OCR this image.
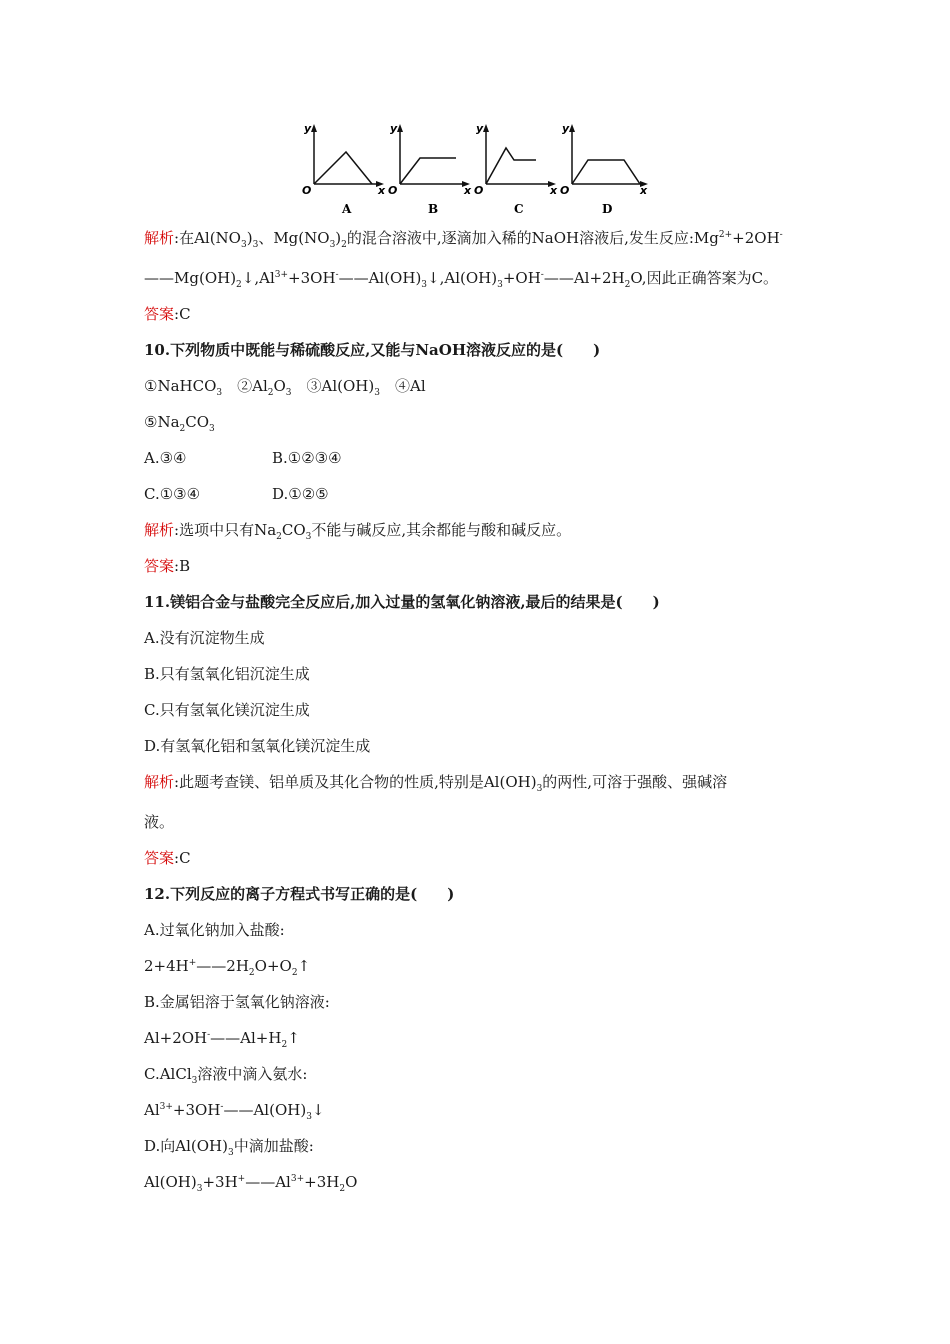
y
O	x
A
y
O	x
B
y
O	x
C
y
O	x
D
解析:在$Al(NO_3)_3$、$Mg(NO_3)_2$的混合溶液中,逐滴加入稀的NaOH溶液后,发生反应$:Mg^{2+}+2OH^-$
$——Mg(OH)_2↓,Al^{3+}+3OH^-——Al(OH)_3↓,Al(OH)_3+OH^-——Al+2H_2O$,因此正确答案为C。
答案:C
10.下列物质中既能与稀硫酸反应,又能与NaOH溶液反应的是(　　)
①NaHCO$_3$　$②Al_2O_3$　$③Al(OH)_3$　④Al
$⑤Na_2CO_3$
A.③④	B.①②③④
C.①③④	D.①②⑤
解析:选项中只有$Na_2CO_3$不能与碱反应,其余都能与酸和碱反应。
答案:B
11.镁铝合金与盐酸完全反应后,加入过量的氢氧化钠溶液,最后的结果是(　　)
A.没有沉淀物生成
B.只有氢氧化铝沉淀生成
C.只有氢氧化镁沉淀生成
D.有氢氧化铝和氢氧化镁沉淀生成
解析:此题考查镁、铝单质及其化合物的性质,特别是$Al(OH)_3$的两性,可溶于强酸、强碱溶
液。
答案:C
12.下列反应的离子方程式书写正确的是(　　)
A.过氧化钠加入盐酸:
$2+4H^+——2H_2O+O_2↑$
B.金属铝溶于氢氧化钠溶液:
$Al+2OH^-——Al+H_2↑$
C.AlCl$_3$溶液中滴入氨水:
$Al^{3+}+3OH^-——Al(OH)_3↓$
D.向$Al(OH)_3$中滴加盐酸:
$Al(OH)_3+3H^+——Al^{3+}+3H_2O$
